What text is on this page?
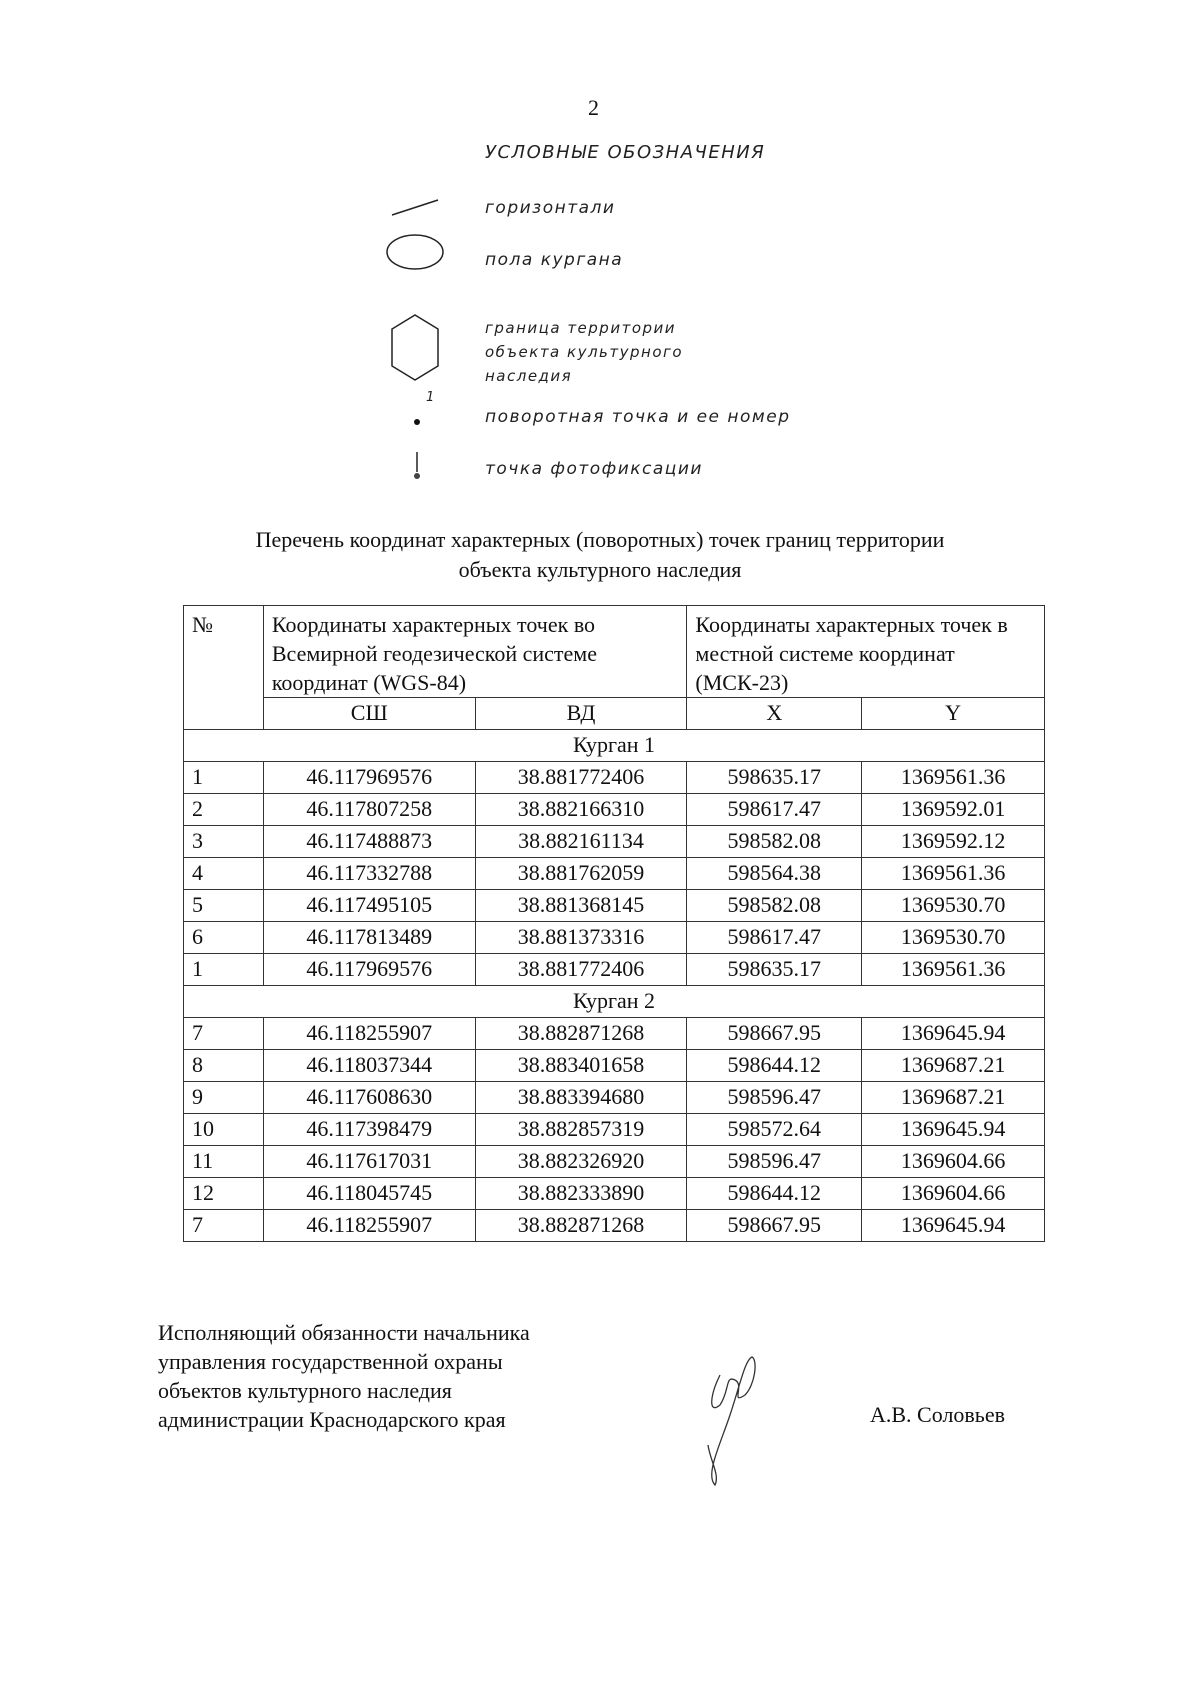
2
УСЛОВНЫЕ ОБОЗНАЧЕНИЯ
1
горизонтали
пола кургана
граница территории объекта культурного наследия
поворотная точка и ее номер
точка фотофиксации
Перечень координат характерных (поворотных) точек границ территории
объекта культурного наследия
№	Координаты характерных точек во Всемирной геодезической системе координат (WGS-84)		Координаты характерных точек в местной системе координат (МСК-23)	
	СШ	ВД	X	Y
Курган 1				
1	46.117969576	38.881772406	598635.17	1369561.36
2	46.117807258	38.882166310	598617.47	1369592.01
3	46.117488873	38.882161134	598582.08	1369592.12
4	46.117332788	38.881762059	598564.38	1369561.36
5	46.117495105	38.881368145	598582.08	1369530.70
6	46.117813489	38.881373316	598617.47	1369530.70
1	46.117969576	38.881772406	598635.17	1369561.36
Курган 2				
7	46.118255907	38.882871268	598667.95	1369645.94
8	46.118037344	38.883401658	598644.12	1369687.21
9	46.117608630	38.883394680	598596.47	1369687.21
10	46.117398479	38.882857319	598572.64	1369645.94
11	46.117617031	38.882326920	598596.47	1369604.66
12	46.118045745	38.882333890	598644.12	1369604.66
7	46.118255907	38.882871268	598667.95	1369645.94
Исполняющий обязанности начальника
управления государственной охраны
объектов культурного наследия
администрации Краснодарского края	А.В. Соловьев
